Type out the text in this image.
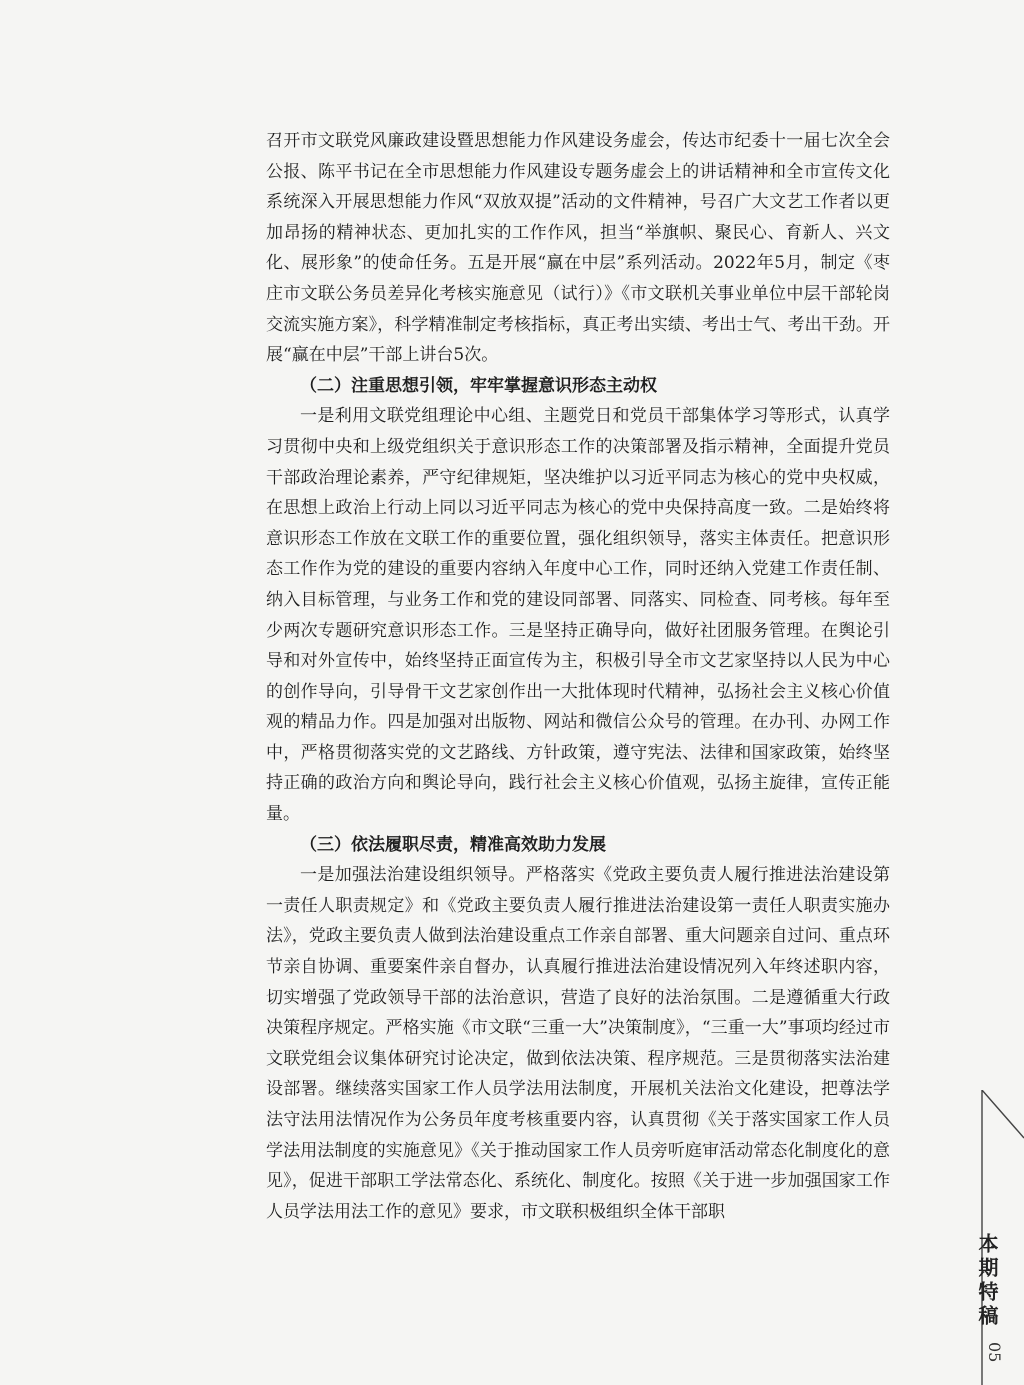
召开市文联党风廉政建设暨思想能力作风建设务虚会，传达市纪委十一届七次全会公报、陈平书记在全市思想能力作风建设专题务虚会上的讲话精神和全市宣传文化系统深入开展思想能力作风“双放双提”活动的文件精神，号召广大文艺工作者以更加昂扬的精神状态、更加扎实的工作作风，担当“举旗帜、聚民心、育新人、兴文化、展形象”的使命任务。五是开展“赢在中层”系列活动。2022年5月，制定《枣庄市文联公务员差异化考核实施意见（试行）》《市文联机关事业单位中层干部轮岗交流实施方案》，科学精准制定考核指标，真正考出实绩、考出士气、考出干劲。开展“赢在中层”干部上讲台5次。

（二）注重思想引领，牢牢掌握意识形态主动权

一是利用文联党组理论中心组、主题党日和党员干部集体学习等形式，认真学习贯彻中央和上级党组织关于意识形态工作的决策部署及指示精神，全面提升党员干部政治理论素养，严守纪律规矩，坚决维护以习近平同志为核心的党中央权威，在思想上政治上行动上同以习近平同志为核心的党中央保持高度一致。二是始终将意识形态工作放在文联工作的重要位置，强化组织领导，落实主体责任。把意识形态工作作为党的建设的重要内容纳入年度中心工作，同时还纳入党建工作责任制、纳入目标管理，与业务工作和党的建设同部署、同落实、同检查、同考核。每年至少两次专题研究意识形态工作。三是坚持正确导向，做好社团服务管理。在舆论引导和对外宣传中，始终坚持正面宣传为主，积极引导全市文艺家坚持以人民为中心的创作导向，引导骨干文艺家创作出一大批体现时代精神，弘扬社会主义核心价值观的精品力作。四是加强对出版物、网站和微信公众号的管理。在办刊、办网工作中，严格贯彻落实党的文艺路线、方针政策，遵守宪法、法律和国家政策，始终坚持正确的政治方向和舆论导向，践行社会主义核心价值观，弘扬主旋律，宣传正能量。

（三）依法履职尽责，精准高效助力发展

一是加强法治建设组织领导。严格落实《党政主要负责人履行推进法治建设第一责任人职责规定》和《党政主要负责人履行推进法治建设第一责任人职责实施办法》，党政主要负责人做到法治建设重点工作亲自部署、重大问题亲自过问、重点环节亲自协调、重要案件亲自督办，认真履行推进法治建设情况列入年终述职内容，切实增强了党政领导干部的法治意识，营造了良好的法治氛围。二是遵循重大行政决策程序规定。严格实施《市文联“三重一大”决策制度》，“三重一大”事项均经过市文联党组会议集体研究讨论决定，做到依法决策、程序规范。三是贯彻落实法治建设部署。继续落实国家工作人员学法用法制度，开展机关法治文化建设，把尊法学法守法用法情况作为公务员年度考核重要内容，认真贯彻《关于落实国家工作人员学法用法制度的实施意见》《关于推动国家工作人员旁听庭审活动常态化制度化的意见》，促进干部职工学法常态化、系统化、制度化。按照《关于进一步加强国家工作人员学法用法工作的意见》要求，市文联积极组织全体干部职

本期特稿
05
